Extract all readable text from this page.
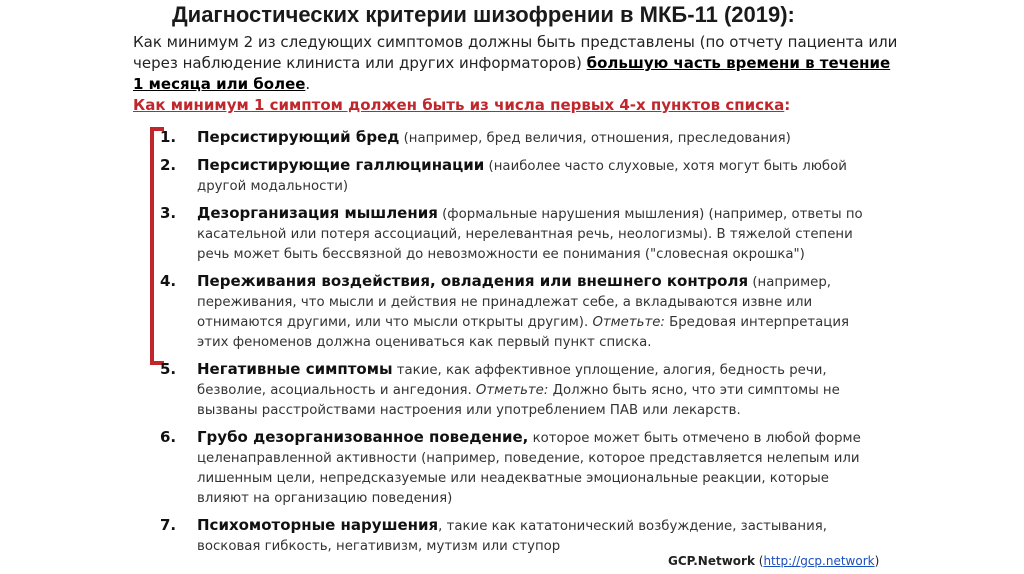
Диагностических критерии шизофрении в МКБ-11 (2019):
Как минимум 2 из следующих симптомов должны быть представлены (по отчету пациента или через наблюдение клиниста или других информаторов) большую часть времени в течение 1 месяца или более.
Как минимум 1 симптом должен быть из числа первых 4-х пунктов списка:
1. Персистирующий бред (например, бред величия, отношения, преследования)
2. Персистирующие галлюцинации (наиболее часто слуховые, хотя могут быть любой другой модальности)
3. Дезорганизация мышления (формальные нарушения мышления) (например, ответы по касательной или потеря ассоциаций, нерелевантная речь, неологизмы). В тяжелой степени речь может быть бессвязной до невозможности ее понимания ("словесная окрошка")
4. Переживания воздействия, овладения или внешнего контроля (например, переживания, что мысли и действия не принадлежат себе, а вкладываются извне или отнимаются другими, или что мысли открыты другим). Отметьте: Бредовая интерпретация этих феноменов должна оцениваться как первый пункт списка.
5. Негативные симптомы такие, как аффективное уплощение, алогия, бедность речи, безволие, асоциальность и ангедония. Отметьте: Должно быть ясно, что эти симптомы не вызваны расстройствами настроения или употреблением ПАВ или лекарств.
6. Грубо дезорганизованное поведение, которое может быть отмечено в любой форме целенаправленной активности (например, поведение, которое представляется нелепым или лишенным цели, непредсказуемые или неадекватные эмоциональные реакции, которые влияют на организацию поведения)
7. Психомоторные нарушения, такие как кататонический возбуждение, застывания, восковая гибкость, негативизм, мутизм или ступор
GCP.Network (http://gcp.network)
